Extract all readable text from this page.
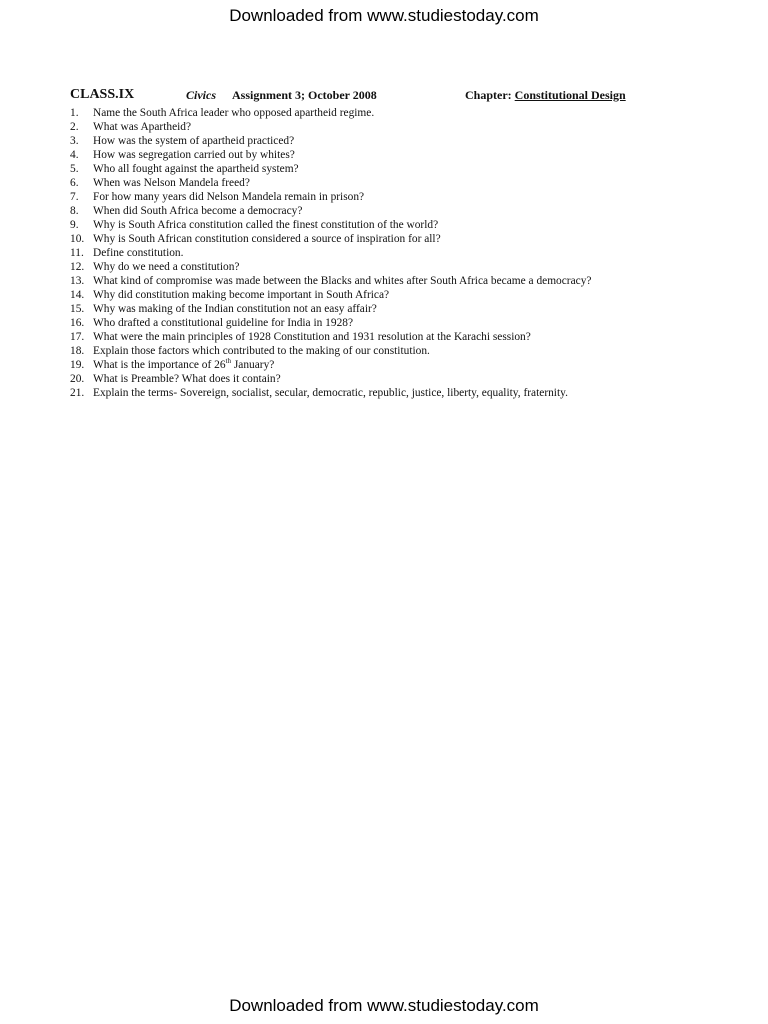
Downloaded from www.studiestoday.com
CLASS.IX	Civics Assignment 3; October 2008	Chapter: Constitutional Design
1. Name the South Africa leader who opposed apartheid regime.
2. What was Apartheid?
3. How was the system of apartheid practiced?
4. How was segregation carried out by whites?
5. Who all fought against the apartheid system?
6. When was Nelson Mandela freed?
7. For how many years did Nelson Mandela remain in prison?
8. When did South Africa become a democracy?
9. Why is South Africa constitution called the finest constitution of the world?
10. Why is South African constitution considered a source of inspiration for all?
11. Define constitution.
12. Why do we need a constitution?
13. What kind of compromise was made between the Blacks and whites after South Africa became a democracy?
14. Why did constitution making become important in South Africa?
15. Why was making of the Indian constitution not an easy affair?
16. Who drafted a constitutional guideline for India in 1928?
17. What were the main principles of 1928 Constitution and 1931 resolution at the Karachi session?
18. Explain those factors which contributed to the making of our constitution.
19. What is the importance of 26th January?
20. What is Preamble? What does it contain?
21. Explain the terms- Sovereign, socialist, secular, democratic, republic, justice, liberty, equality, fraternity.
Downloaded from www.studiestoday.com
